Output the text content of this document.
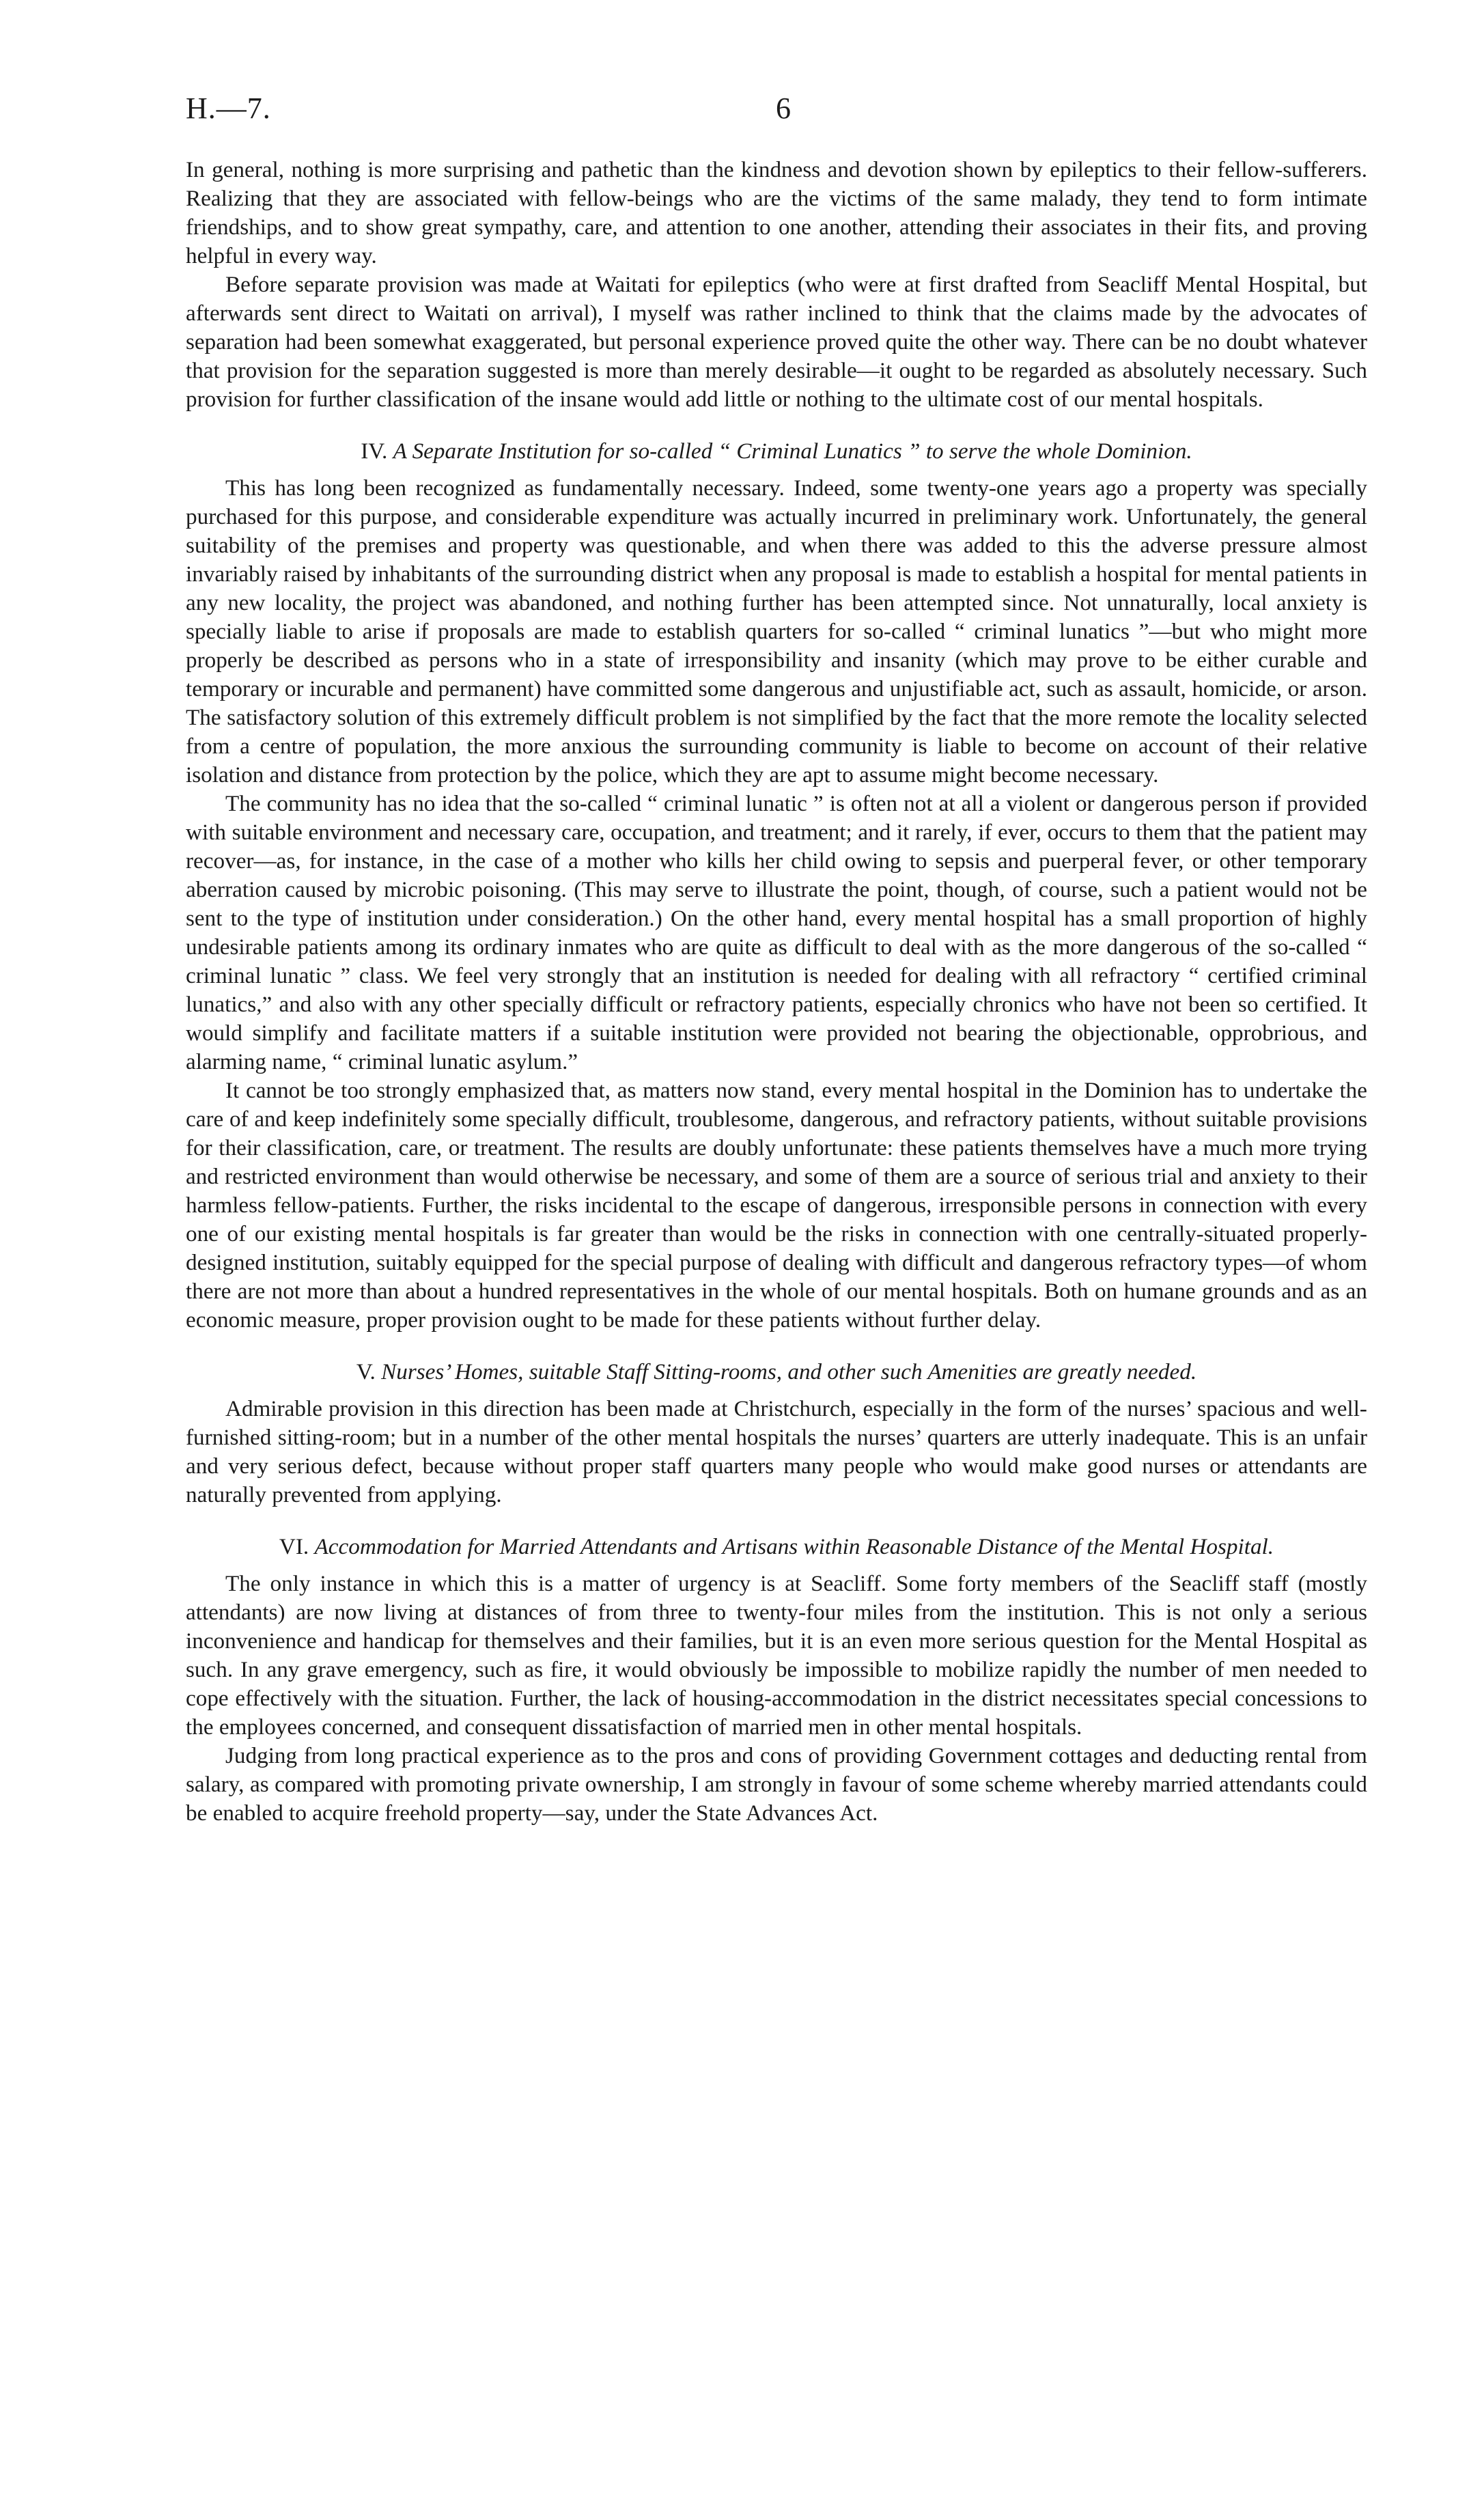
H.—7.	6

In general, nothing is more surprising and pathetic than the kindness and devotion shown by epileptics to their fellow-sufferers. Realizing that they are associated with fellow-beings who are the victims of the same malady, they tend to form intimate friendships, and to show great sympathy, care, and attention to one another, attending their associates in their fits, and proving helpful in every way.

Before separate provision was made at Waitati for epileptics (who were at first drafted from Seacliff Mental Hospital, but afterwards sent direct to Waitati on arrival), I myself was rather inclined to think that the claims made by the advocates of separation had been somewhat exaggerated, but personal experience proved quite the other way. There can be no doubt whatever that provision for the separation suggested is more than merely desirable—it ought to be regarded as absolutely necessary. Such provision for further classification of the insane would add little or nothing to the ultimate cost of our mental hospitals.

IV. A Separate Institution for so-called “ Criminal Lunatics ” to serve the whole Dominion.

This has long been recognized as fundamentally necessary. Indeed, some twenty-one years ago a property was specially purchased for this purpose, and considerable expenditure was actually incurred in preliminary work. Unfortunately, the general suitability of the premises and property was questionable, and when there was added to this the adverse pressure almost invariably raised by inhabitants of the surrounding district when any proposal is made to establish a hospital for mental patients in any new locality, the project was abandoned, and nothing further has been attempted since. Not unnaturally, local anxiety is specially liable to arise if proposals are made to establish quarters for so-called “ criminal lunatics ”—but who might more properly be described as persons who in a state of irresponsibility and insanity (which may prove to be either curable and temporary or incurable and permanent) have committed some dangerous and unjustifiable act, such as assault, homicide, or arson. The satisfactory solution of this extremely difficult problem is not simplified by the fact that the more remote the locality selected from a centre of population, the more anxious the surrounding community is liable to become on account of their relative isolation and distance from protection by the police, which they are apt to assume might become necessary.

The community has no idea that the so-called “ criminal lunatic ” is often not at all a violent or dangerous person if provided with suitable environment and necessary care, occupation, and treatment; and it rarely, if ever, occurs to them that the patient may recover—as, for instance, in the case of a mother who kills her child owing to sepsis and puerperal fever, or other temporary aberration caused by microbic poisoning. (This may serve to illustrate the point, though, of course, such a patient would not be sent to the type of institution under consideration.) On the other hand, every mental hospital has a small proportion of highly undesirable patients among its ordinary inmates who are quite as difficult to deal with as the more dangerous of the so-called “ criminal lunatic ” class. We feel very strongly that an institution is needed for dealing with all refractory “ certified criminal lunatics,” and also with any other specially difficult or refractory patients, especially chronics who have not been so certified. It would simplify and facilitate matters if a suitable institution were provided not bearing the objectionable, opprobrious, and alarming name, “ criminal lunatic asylum.”

It cannot be too strongly emphasized that, as matters now stand, every mental hospital in the Dominion has to undertake the care of and keep indefinitely some specially difficult, troublesome, dangerous, and refractory patients, without suitable provisions for their classification, care, or treatment. The results are doubly unfortunate: these patients themselves have a much more trying and restricted environment than would otherwise be necessary, and some of them are a source of serious trial and anxiety to their harmless fellow-patients. Further, the risks incidental to the escape of dangerous, irresponsible persons in connection with every one of our existing mental hospitals is far greater than would be the risks in connection with one centrally-situated properly-designed institution, suitably equipped for the special purpose of dealing with difficult and dangerous refractory types—of whom there are not more than about a hundred representatives in the whole of our mental hospitals. Both on humane grounds and as an economic measure, proper provision ought to be made for these patients without further delay.

V. Nurses’ Homes, suitable Staff Sitting-rooms, and other such Amenities are greatly needed.

Admirable provision in this direction has been made at Christchurch, especially in the form of the nurses’ spacious and well-furnished sitting-room; but in a number of the other mental hospitals the nurses’ quarters are utterly inadequate. This is an unfair and very serious defect, because without proper staff quarters many people who would make good nurses or attendants are naturally prevented from applying.

VI. Accommodation for Married Attendants and Artisans within Reasonable Distance of the Mental Hospital.

The only instance in which this is a matter of urgency is at Seacliff. Some forty members of the Seacliff staff (mostly attendants) are now living at distances of from three to twenty-four miles from the institution. This is not only a serious inconvenience and handicap for themselves and their families, but it is an even more serious question for the Mental Hospital as such. In any grave emergency, such as fire, it would obviously be impossible to mobilize rapidly the number of men needed to cope effectively with the situation. Further, the lack of housing-accommodation in the district necessitates special concessions to the employees concerned, and consequent dissatisfaction of married men in other mental hospitals.

Judging from long practical experience as to the pros and cons of providing Government cottages and deducting rental from salary, as compared with promoting private ownership, I am strongly in favour of some scheme whereby married attendants could be enabled to acquire freehold property—say, under the State Advances Act.
